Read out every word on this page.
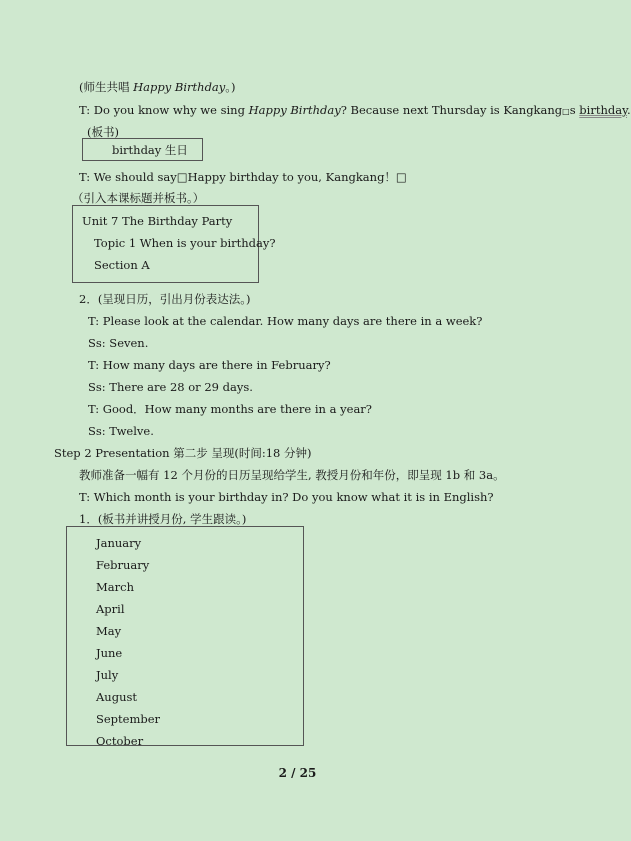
(师生共唱 Happy Birthday。)
T: Do you know why we sing Happy Birthday? Because next Thursday is Kangkang□s birthday.
(板书)
birthday 生日
T: We should say□Happy birthday to you, Kangkang！□
（引入本课标题并板书。）
Unit 7 The Birthday Party
Topic 1 When is your birthday?
Section A
2．(呈现日历，引出月份表达法。)
T: Please look at the calendar. How many days are there in a week?
Ss: Seven.
T: How many days are there in February?
Ss: There are 28 or 29 days.
T: Good．How many months are there in a year?
Ss: Twelve.
Step 2 Presentation 第二步 呈现(时间:18 分钟)
教师准备一幅有 12 个月份的日历呈现给学生, 教授月份和年份，即呈现 1b 和 3a。
T: Which month is your birthday in? Do you know what it is in English?
1．(板书并讲授月份, 学生跟读。)
January
February
March
April
May
June
July
August
September
October
2 / 25
